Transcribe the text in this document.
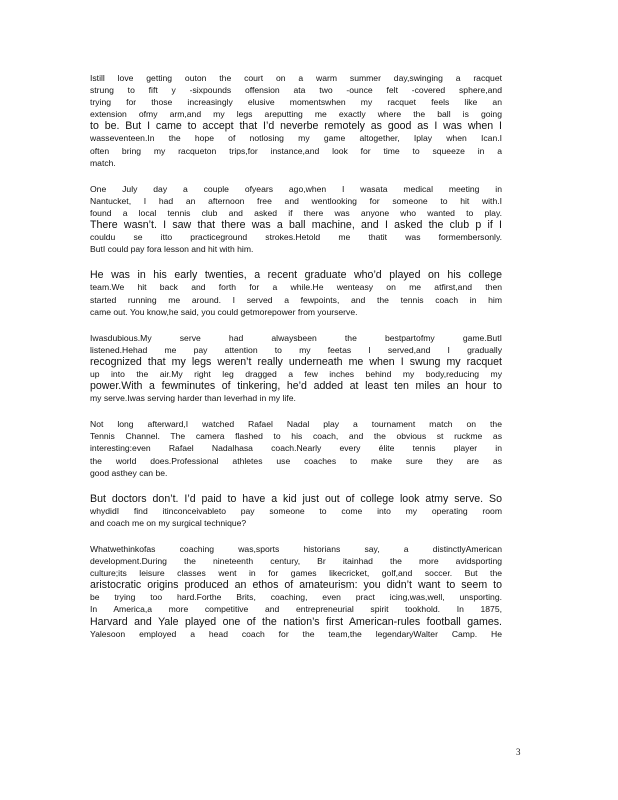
Istill love getting outon the court on a warm summer day,swinging a racquet
strung to fift y -sixpounds offension ata two -ounce felt -covered sphere,and
trying for those increasingly elusive momentswhen my racquet feels like an
extension ofmy arm,and my legs areputting me exactly where the ball is going
to be. But I came to accept that I’d neverbe remotely as good as I was when I
wasseventeen.In the hope of notlosing my game altogether, Iplay when Ican.I
often bring my racqueton trips,for instance,and look for time to squeeze in a
match.
One July day a couple ofyears ago,when I wasata medical meeting in
Nantucket, I had an afternoon free and wentlooking for someone to hit with.I
found a local tennis club and asked if there was anyone who wanted to play.
There wasn’t. I saw that there was a ball machine, and I asked the club p if I
couldu se itto practiceground strokes.Hetold me thatit was formembersonly.
ButI could pay fora lesson and hit with him.
He was in his early twenties, a recent graduate who’d played on his college
team.We hit back and forth for a while.He wenteasy on me atfirst,and then
started running me around. I served a fewpoints, and the tennis coach in him
came out. You know,he said, you could getmorepower from yourserve.
Iwasdubious.My serve had alwaysbeen the bestpartofmy game.ButI
listened.Hehad me pay attention to my feetas I served,and I gradually
recognized that my legs weren’t really underneath me when I swung my racquet
up into the air.My right leg dragged a few inches behind my body,reducing my
power.With a fewminutes of tinkering, he’d added at least ten miles an hour to
my serve.Iwas serving harder than Ieverhad in my life.
Not long afterward,I watched Rafael Nadal play a tournament match on the
Tennis Channel. The camera flashed to his coach, and the obvious st ruckme as
interesting:even Rafael Nadalhasa coach.Nearly every élite tennis player in
the world does.Professional athletes use coaches to make sure they are as
good asthey can be.
But doctors don’t. I’d paid to have a kid just out of college look atmy serve. So
whydidI find itinconceivableto pay someone to come into my operating room
and coach me on my surgical technique?
Whatwethinkofas coaching was,sports historians say, a distinctlyAmerican
development.During the nineteenth century, Br itainhad the more avidsporting
culture;its leisure classes went in for games likecricket, golf,and soccer. But the
aristocratic origins produced an ethos of amateurism: you didn’t want to seem to
be trying too hard.Forthe Brits, coaching, even pract icing,was,well, unsporting.
In America,a more competitive and entrepreneurial spirit tookhold. In 1875,
Harvard and Yale played one of the nation’s first American-rules football games.
Yalesoon employed a head coach for the team,the legendaryWalter Camp. He
3
